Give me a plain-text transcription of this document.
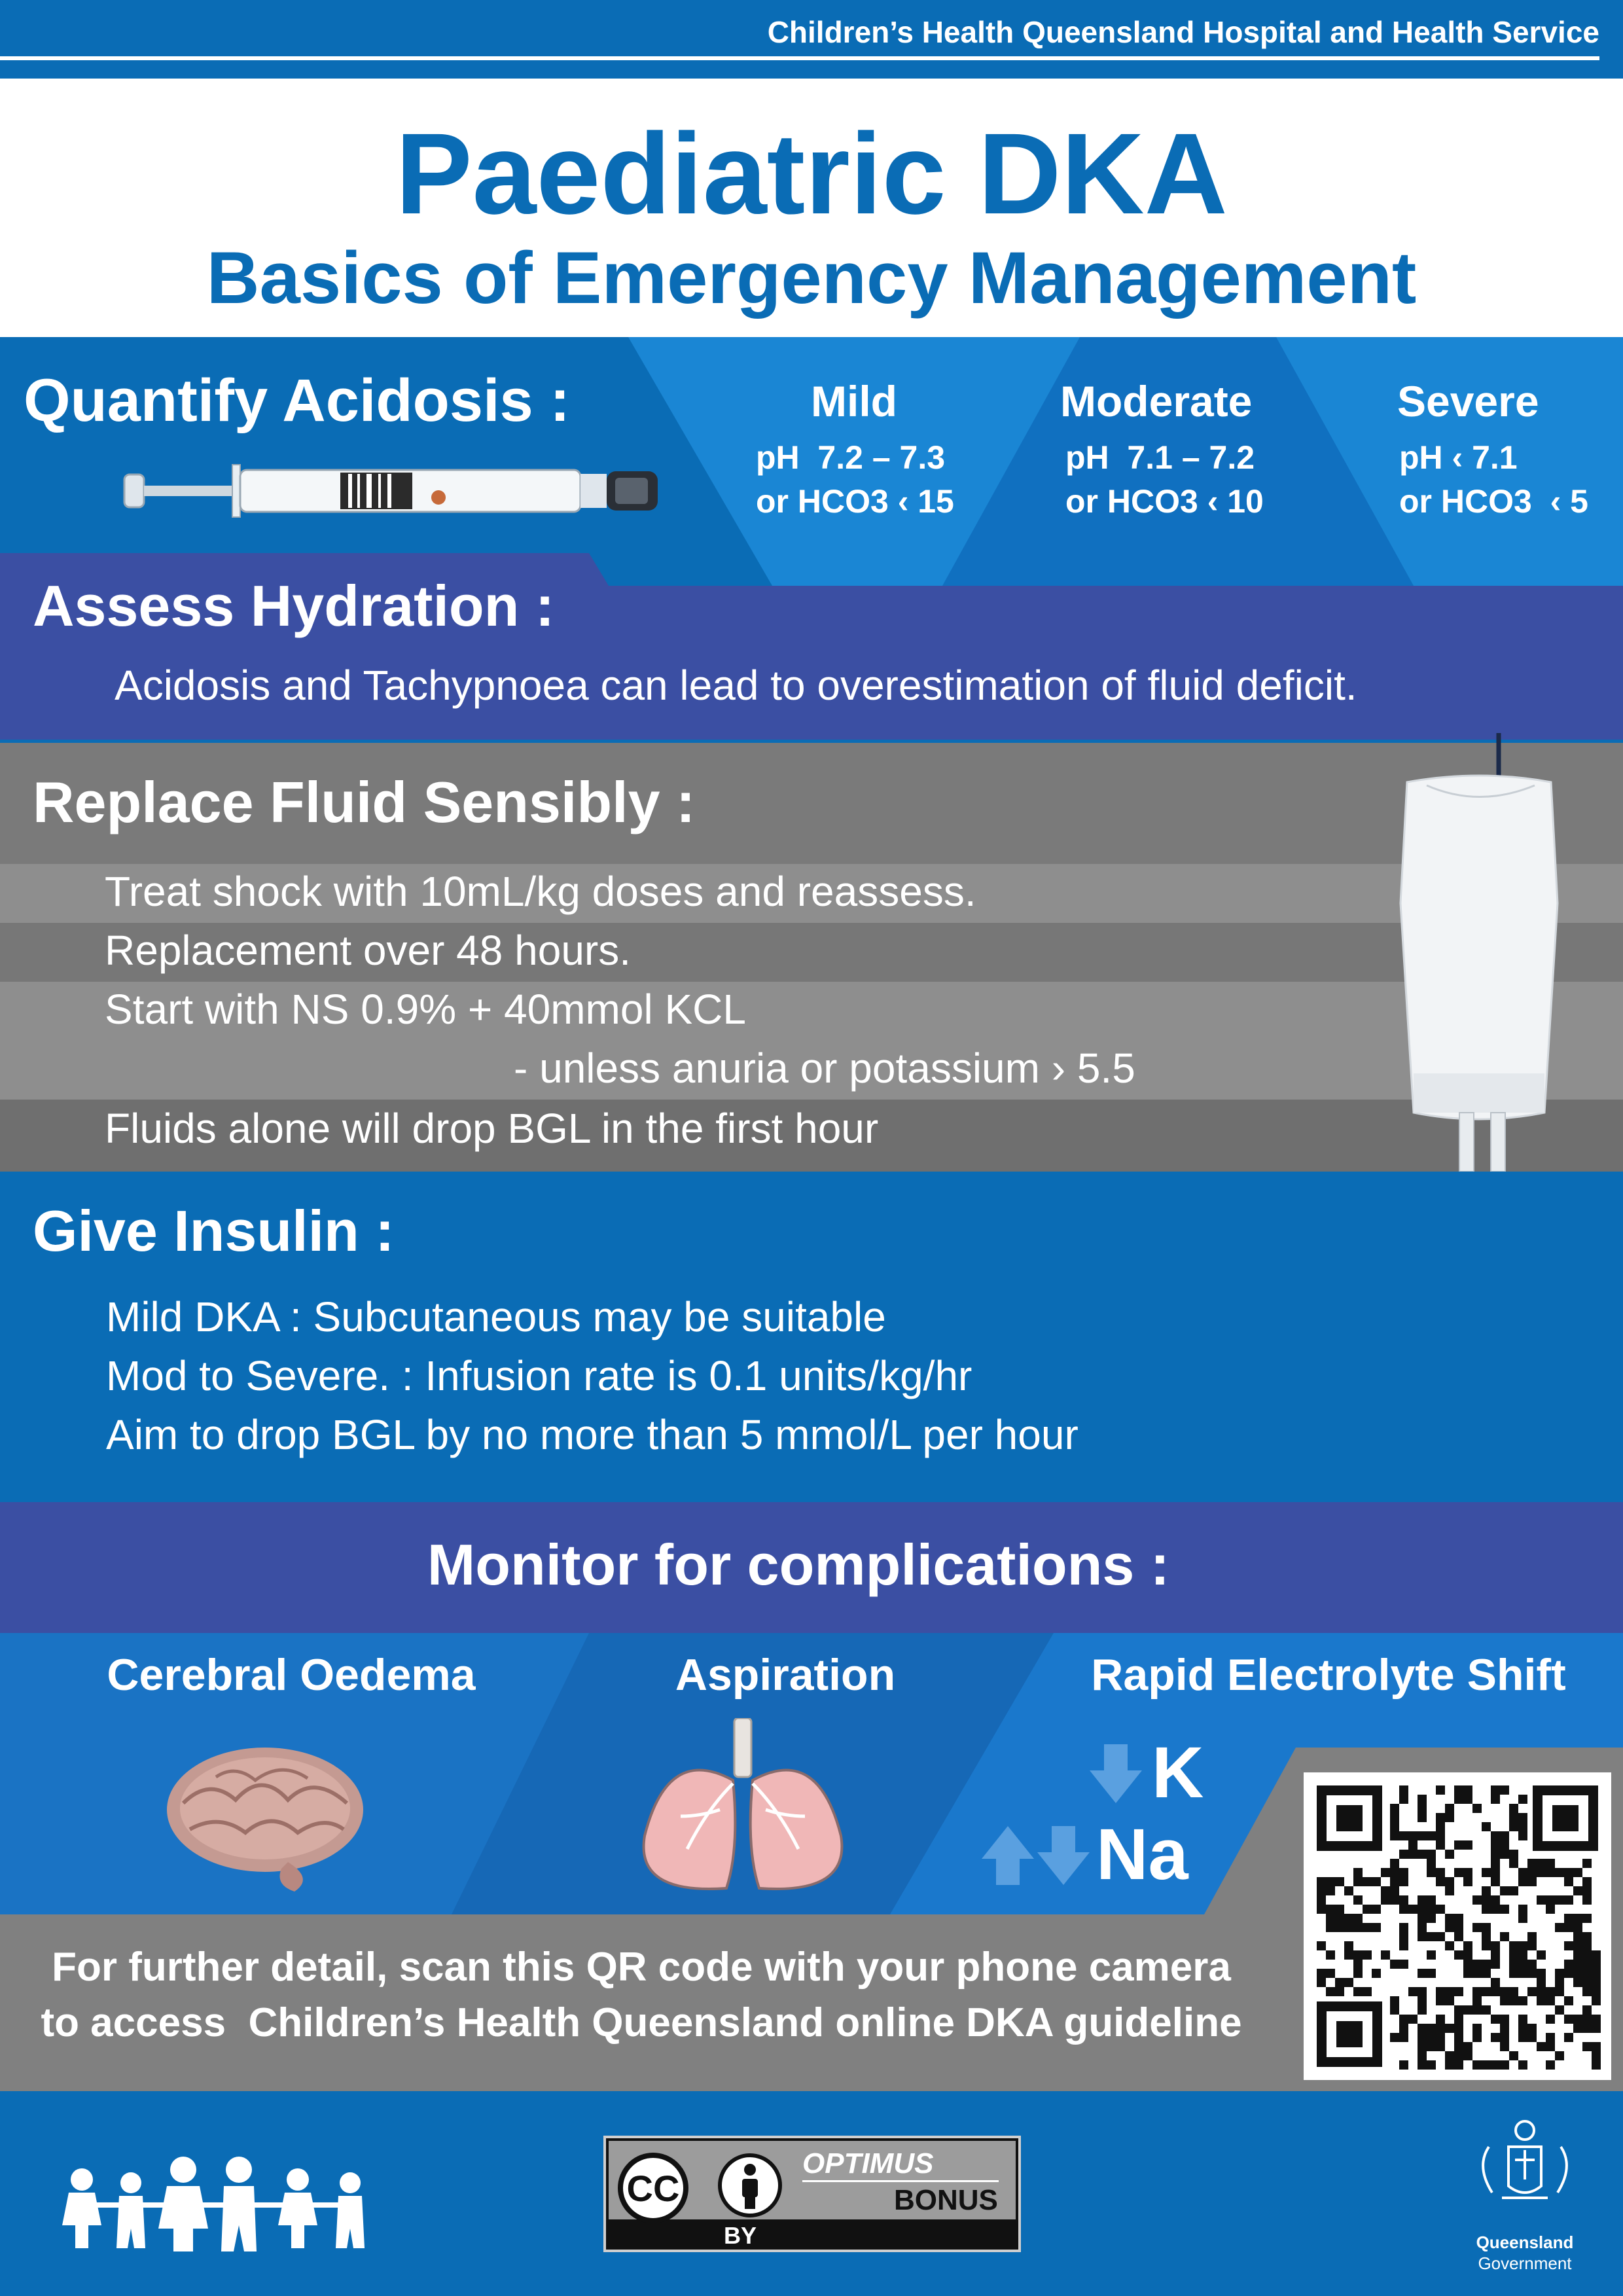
Children’s Health Queensland Hospital and Health Service
Paediatric DKA
Basics of Emergency Management
Quantify Acidosis :	Mild
pH  7.2 – 7.3
or HCO3 ‹ 15
Moderate
pH  7.1 – 7.2
or HCO3 ‹ 10
Severe
pH ‹ 7.1
or HCO3  ‹ 5
Assess Hydration :
Acidosis and Tachypnoea can lead to overestimation of fluid deficit.
Replace Fluid Sensibly :
Treat shock with 10mL/kg doses and reassess.
Replacement over 48 hours.
Start with NS 0.9% + 40mmol KCL
- unless anuria or potassium › 5.5
Fluids alone will drop BGL in the first hour
Give Insulin :
Mild DKA : Subcutaneous may be suitable
Mod to Severe. : Infusion rate is 0.1 units/kg/hr
Aim to drop BGL by no more than 5 mmol/L per hour
Monitor for complications :
Cerebral Oedema	Aspiration	Rapid Electrolyte Shift
K
Na
For further detail, scan this QR code with your phone camera
to access  Children’s Health Queensland online DKA guideline
CC
BY
OPTIMUS
BONUS
Queensland
Government
